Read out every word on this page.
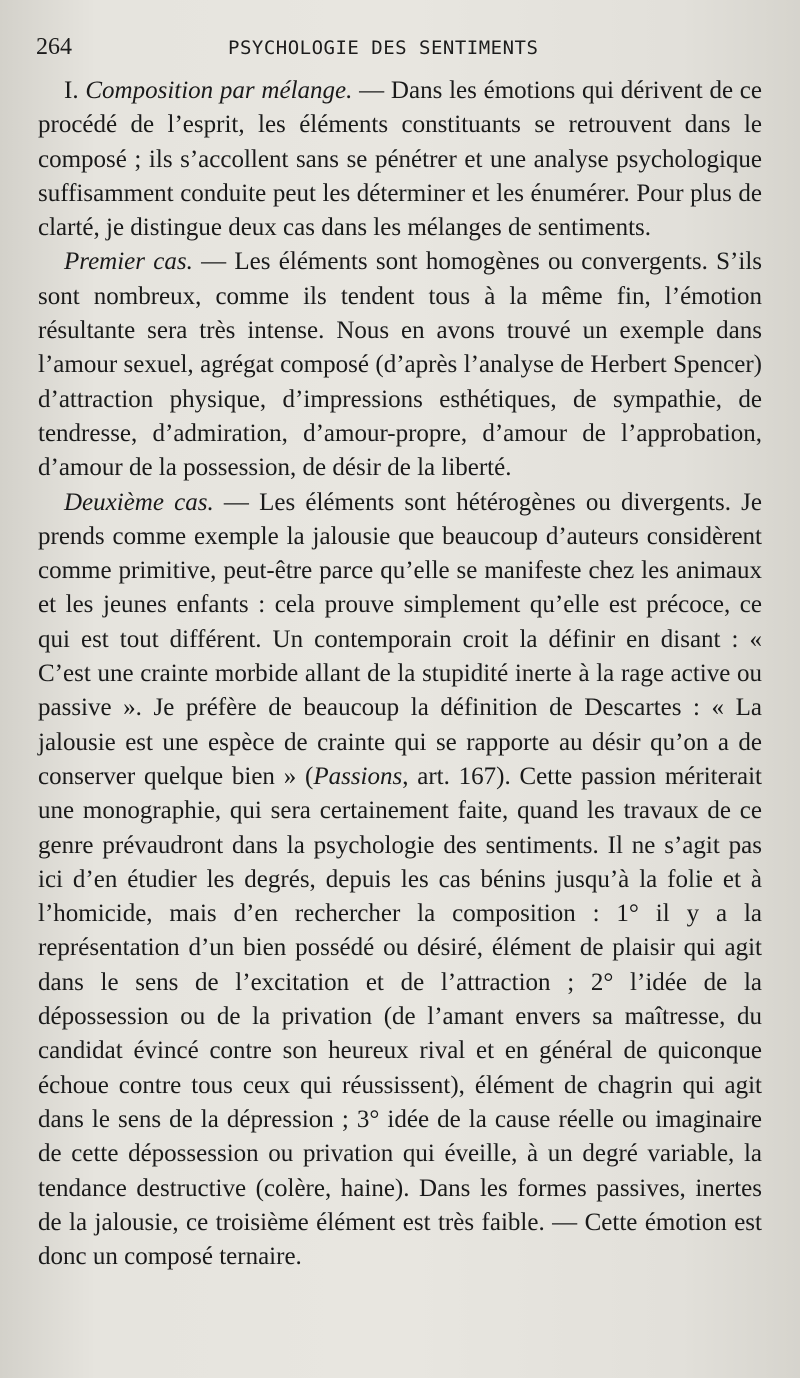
264	PSYCHOLOGIE DES SENTIMENTS

I. Composition par mélange. — Dans les émotions qui dérivent de ce procédé de l’esprit, les éléments constituants se retrouvent dans le composé ; ils s’accollent sans se pénétrer et une analyse psychologique suffisamment conduite peut les déterminer et les énumérer. Pour plus de clarté, je distingue deux cas dans les mélanges de sentiments.

Premier cas. — Les éléments sont homogènes ou convergents. S’ils sont nombreux, comme ils tendent tous à la même fin, l’émotion résultante sera très intense. Nous en avons trouvé un exemple dans l’amour sexuel, agrégat composé (d’après l’analyse de Herbert Spencer) d’attraction physique, d’impressions esthétiques, de sympathie, de tendresse, d’admiration, d’amour-propre, d’amour de l’approbation, d’amour de la possession, de désir de la liberté.

Deuxième cas. — Les éléments sont hétérogènes ou divergents. Je prends comme exemple la jalousie que beaucoup d’auteurs considèrent comme primitive, peut-être parce qu’elle se manifeste chez les animaux et les jeunes enfants : cela prouve simplement qu’elle est précoce, ce qui est tout différent. Un contemporain croit la définir en disant : « C’est une crainte morbide allant de la stupidité inerte à la rage active ou passive ». Je préfère de beaucoup la définition de Descartes : « La jalousie est une espèce de crainte qui se rapporte au désir qu’on a de conserver quelque bien » (Passions, art. 167). Cette passion mériterait une monographie, qui sera certainement faite, quand les travaux de ce genre prévaudront dans la psychologie des sentiments. Il ne s’agit pas ici d’en étudier les degrés, depuis les cas bénins jusqu’à la folie et à l’homicide, mais d’en rechercher la composition : 1° il y a la représentation d’un bien possédé ou désiré, élément de plaisir qui agit dans le sens de l’excitation et de l’attraction ; 2° l’idée de la dépossession ou de la privation (de l’amant envers sa maîtresse, du candidat évincé contre son heureux rival et en général de quiconque échoue contre tous ceux qui réussissent), élément de chagrin qui agit dans le sens de la dépression ; 3° idée de la cause réelle ou imaginaire de cette dépossession ou privation qui éveille, à un degré variable, la tendance destructive (colère, haine). Dans les formes passives, inertes de la jalousie, ce troisième élément est très faible. — Cette émotion est donc un composé ternaire.
